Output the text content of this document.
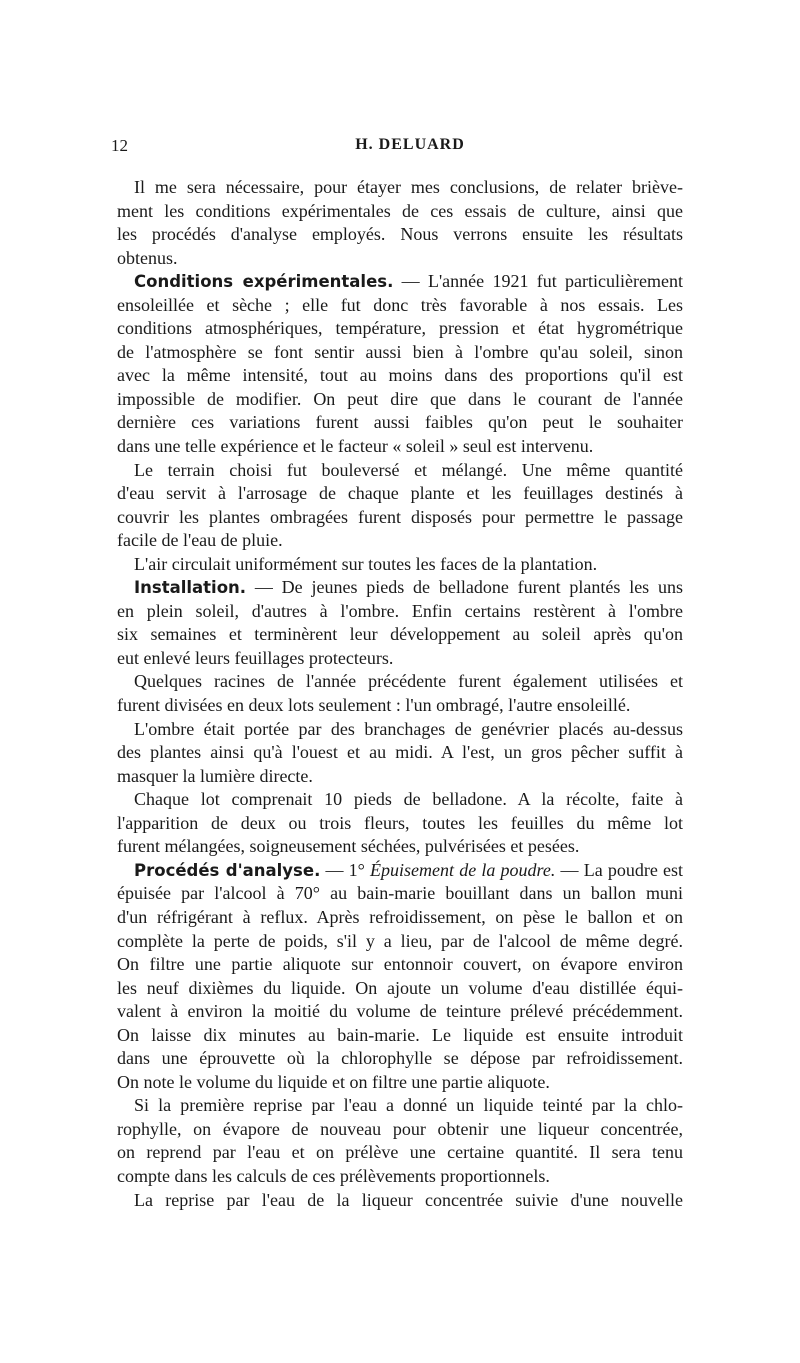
12	H. DELUARD
Il me sera nécessaire, pour étayer mes conclusions, de relater briève-
ment les conditions expérimentales de ces essais de culture, ainsi que
les procédés d'analyse employés. Nous verrons ensuite les résultats
obtenus.
Conditions expérimentales. — L'année 1921 fut particulièrement
ensoleillée et sèche ; elle fut donc très favorable à nos essais. Les
conditions atmosphériques, température, pression et état hygrométrique
de l'atmosphère se font sentir aussi bien à l'ombre qu'au soleil, sinon
avec la même intensité, tout au moins dans des proportions qu'il est
impossible de modifier. On peut dire que dans le courant de l'année
dernière ces variations furent aussi faibles qu'on peut le souhaiter
dans une telle expérience et le facteur « soleil » seul est intervenu.
Le terrain choisi fut bouleversé et mélangé. Une même quantité
d'eau servit à l'arrosage de chaque plante et les feuillages destinés à
couvrir les plantes ombragées furent disposés pour permettre le passage
facile de l'eau de pluie.
L'air circulait uniformément sur toutes les faces de la plantation.
Installation. — De jeunes pieds de belladone furent plantés les uns
en plein soleil, d'autres à l'ombre. Enfin certains restèrent à l'ombre
six semaines et terminèrent leur développement au soleil après qu'on
eut enlevé leurs feuillages protecteurs.
Quelques racines de l'année précédente furent également utilisées et
furent divisées en deux lots seulement : l'un ombragé, l'autre ensoleillé.
L'ombre était portée par des branchages de genévrier placés au-dessus
des plantes ainsi qu'à l'ouest et au midi. A l'est, un gros pêcher suffit à
masquer la lumière directe.
Chaque lot comprenait 10 pieds de belladone. A la récolte, faite à
l'apparition de deux ou trois fleurs, toutes les feuilles du même lot
furent mélangées, soigneusement séchées, pulvérisées et pesées.
Procédés d'analyse. — 1° Épuisement de la poudre. — La poudre est
épuisée par l'alcool à 70° au bain-marie bouillant dans un ballon muni
d'un réfrigérant à reflux. Après refroidissement, on pèse le ballon et on
complète la perte de poids, s'il y a lieu, par de l'alcool de même degré.
On filtre une partie aliquote sur entonnoir couvert, on évapore environ
les neuf dixièmes du liquide. On ajoute un volume d'eau distillée équi-
valent à environ la moitié du volume de teinture prélevé précédemment.
On laisse dix minutes au bain-marie. Le liquide est ensuite introduit
dans une éprouvette où la chlorophylle se dépose par refroidissement.
On note le volume du liquide et on filtre une partie aliquote.
Si la première reprise par l'eau a donné un liquide teinté par la chlo-
rophylle, on évapore de nouveau pour obtenir une liqueur concentrée,
on reprend par l'eau et on prélève une certaine quantité. Il sera tenu
compte dans les calculs de ces prélèvements proportionnels.
La reprise par l'eau de la liqueur concentrée suivie d'une nouvelle
